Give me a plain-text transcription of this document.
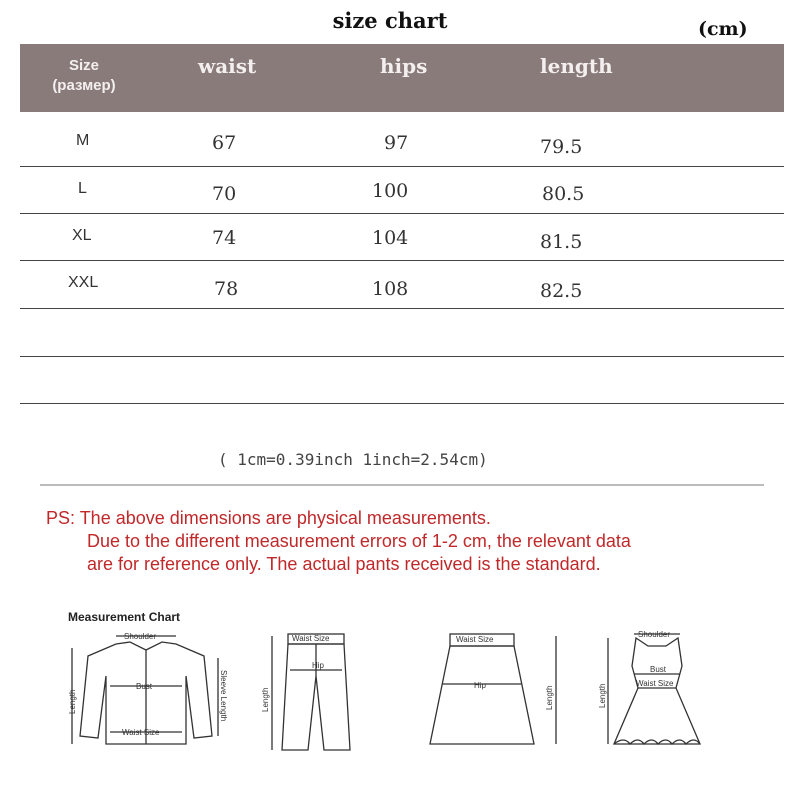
size chart	(cm)
Size
(размер)
waist	hips	length
M	67	97	79.5
L	70	100	80.5
XL	74	104	81.5
XXL	78	108	82.5
( 1cm=0.39inch 1inch=2.54cm)
PS: The above dimensions are physical measurements.
Due to the different measurement errors of 1-2 cm, the relevant data
are for reference only. The actual pants received is the standard.
Measurement Chart
Shoulder
Bust
Waist Size
Length	Sleeve Length
Waist Size
Hip
Length
Waist Size
Hip
Length
Shoulder
Bust
Waist Size
Length
